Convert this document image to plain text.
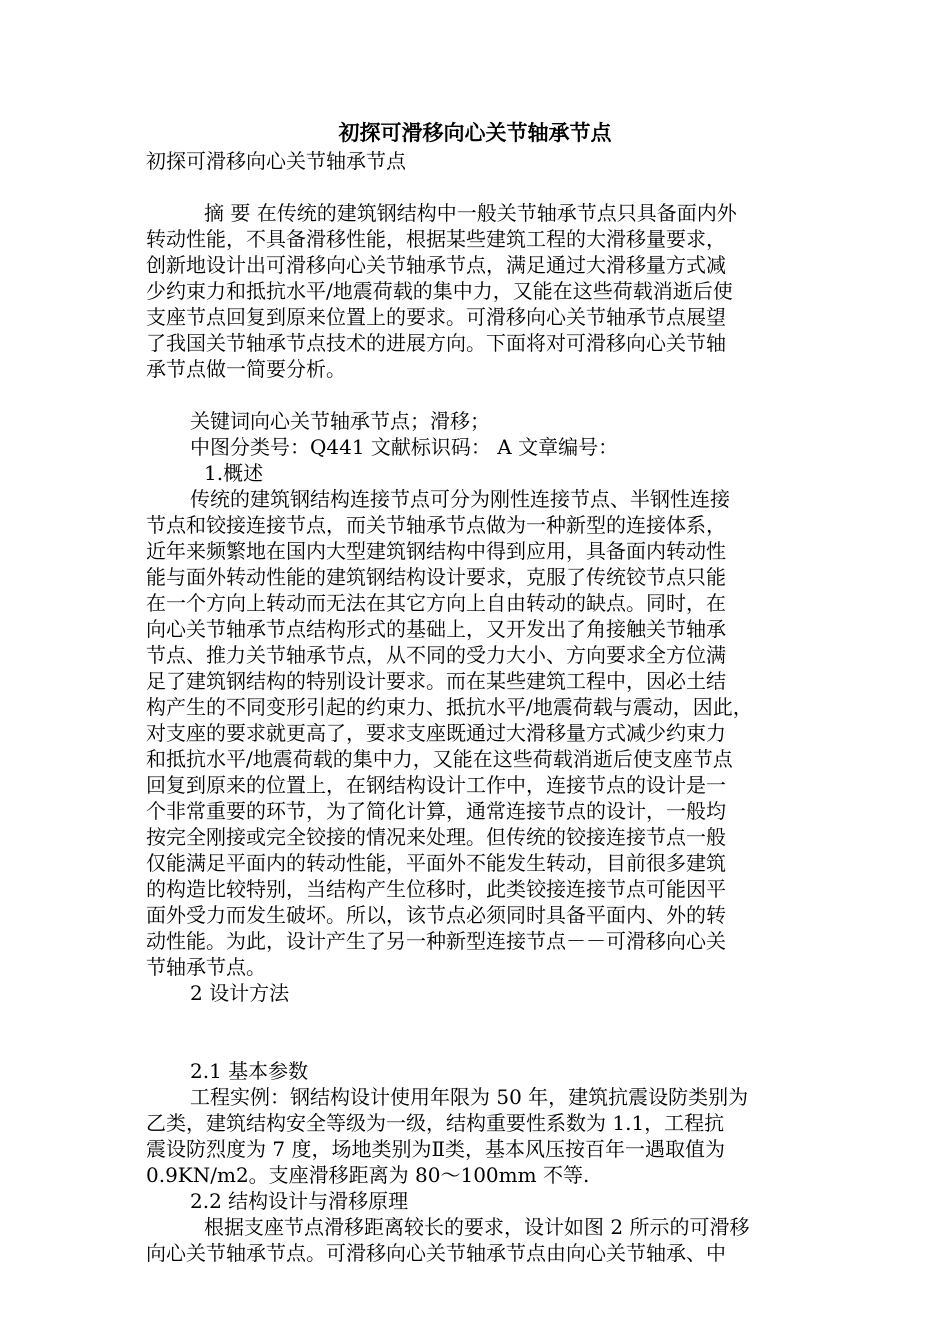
初探可滑移向心关节轴承节点
初探可滑移向心关节轴承节点
摘 要 在传统的建筑钢结构中一般关节轴承节点只具备面内外
转动性能，不具备滑移性能，根据某些建筑工程的大滑移量要求，
创新地设计出可滑移向心关节轴承节点，满足通过大滑移量方式减
少约束力和抵抗水平/地震荷载的集中力，又能在这些荷载消逝后使
支座节点回复到原来位置上的要求。可滑移向心关节轴承节点展望
了我国关节轴承节点技术的进展方向。下面将对可滑移向心关节轴
承节点做一简要分析。
关键词向心关节轴承节点；滑移；
中图分类号：Q441 文献标识码： A 文章编号：
1.概述
传统的建筑钢结构连接节点可分为刚性连接节点、半钢性连接
节点和铰接连接节点，而关节轴承节点做为一种新型的连接体系，
近年来频繁地在国内大型建筑钢结构中得到应用，具备面内转动性
能与面外转动性能的建筑钢结构设计要求，克服了传统铰节点只能
在一个方向上转动而无法在其它方向上自由转动的缺点。同时，在
向心关节轴承节点结构形式的基础上，又开发出了角接触关节轴承
节点、推力关节轴承节点，从不同的受力大小、方向要求全方位满
足了建筑钢结构的特别设计要求。而在某些建筑工程中，因必土结
构产生的不同变形引起的约束力、抵抗水平/地震荷载与震动，因此，
对支座的要求就更高了，要求支座既通过大滑移量方式减少约束力
和抵抗水平/地震荷载的集中力，又能在这些荷载消逝后使支座节点
回复到原来的位置上，在钢结构设计工作中，连接节点的设计是一
个非常重要的环节，为了简化计算，通常连接节点的设计，一般均
按完全刚接或完全铰接的情况来处理。但传统的铰接连接节点一般
仅能满足平面内的转动性能，平面外不能发生转动，目前很多建筑
的构造比较特别，当结构产生位移时，此类铰接连接节点可能因平
面外受力而发生破坏。所以，该节点必须同时具备平面内、外的转
动性能。为此，设计产生了另一种新型连接节点－－可滑移向心关
节轴承节点。
2 设计方法
2.1 基本参数
工程实例：钢结构设计使用年限为 50 年，建筑抗震设防类别为
乙类，建筑结构安全等级为一级，结构重要性系数为 1.1，工程抗
震设防烈度为 7 度，场地类别为Ⅱ类，基本风压按百年一遇取值为
0.9KN/m2。支座滑移距离为 80～100mm 不等.
2.2 结构设计与滑移原理
根据支座节点滑移距离较长的要求，设计如图 2 所示的可滑移
向心关节轴承节点。可滑移向心关节轴承节点由向心关节轴承、中
